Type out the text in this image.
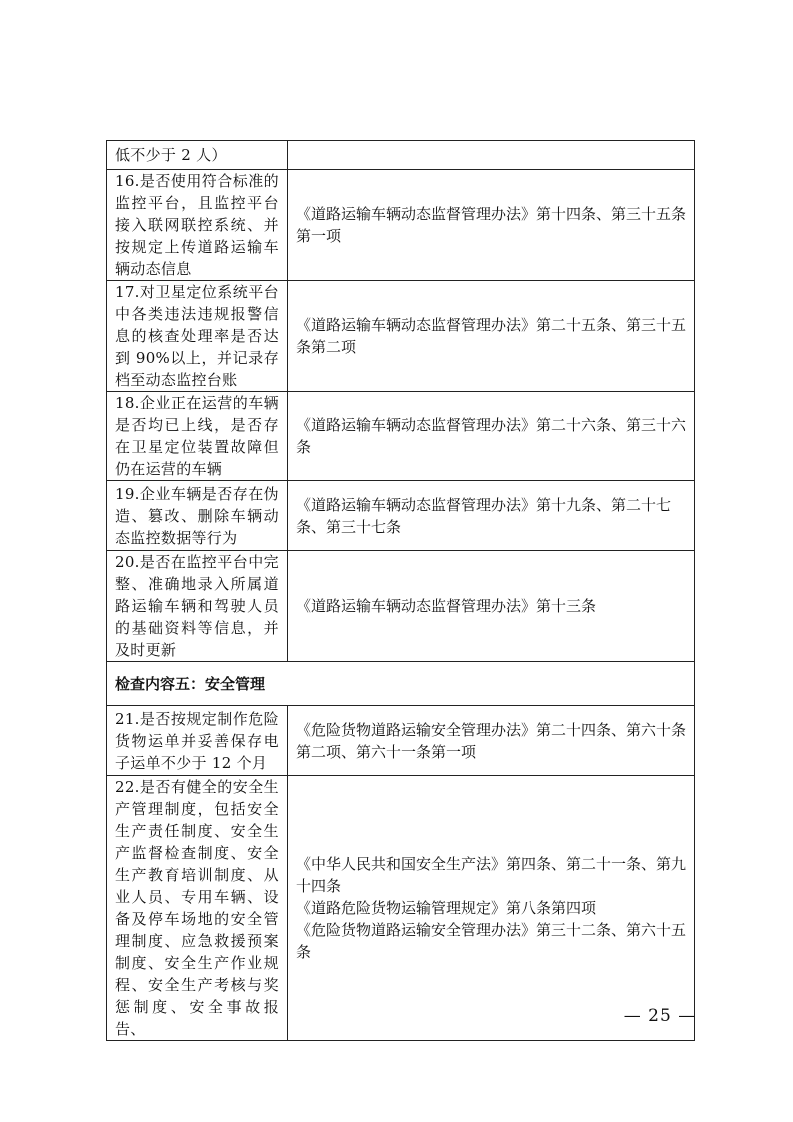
低不少于 2 人）	
16.是否使用符合标准的监控平台，且监控平台接入联网联控系统、并按规定上传道路运输车辆动态信息	《道路运输车辆动态监督管理办法》第十四条、第三十五条第一项

17.对卫星定位系统平台中各类违法违规报警信息的核查处理率是否达到 90%以上，并记录存档至动态监控台账	《道路运输车辆动态监督管理办法》第二十五条、第三十五条第二项

18.企业正在运营的车辆是否均已上线，是否存在卫星定位装置故障但仍在运营的车辆	《道路运输车辆动态监督管理办法》第二十六条、第三十六条

19.企业车辆是否存在伪造、篡改、删除车辆动态监控数据等行为	《道路运输车辆动态监督管理办法》第十九条、第二十七条、第三十七条

20.是否在监控平台中完整、准确地录入所属道路运输车辆和驾驶人员的基础资料等信息，并及时更新	《道路运输车辆动态监督管理办法》第十三条

检查内容五：安全管理	
21.是否按规定制作危险货物运单并妥善保存电子运单不少于 12 个月	《危险货物道路运输安全管理办法》第二十四条、第六十条第二项、第六十一条第一项

22.是否有健全的安全生产管理制度，包括安全生产责任制度、安全生产监督检查制度、安全生产教育培训制度、从业人员、专用车辆、设备及停车场地的安全管理制度、应急救援预案制度、安全生产作业规程、安全生产考核与奖惩制度、安全事故报告、	《中华人民共和国安全生产法》第四条、第二十一条、第九十四条
《道路危险货物运输管理规定》第八条第四项
《危险货物道路运输安全管理办法》第三十二条、第六十五条
— 25 —
